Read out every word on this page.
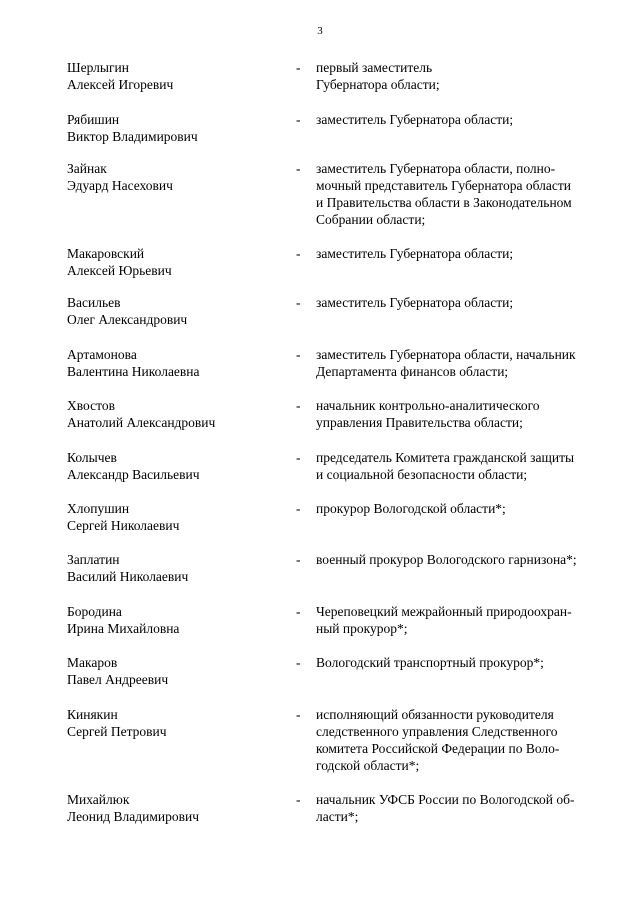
3
Шерлыгин
Алексей Игоревич
- первый заместитель
Губернатора области;
Рябишин
Виктор Владимирович
- заместитель Губернатора области;
Зайнак
Эдуард Насехович
- заместитель Губернатора области, полно-
мочный представитель Губернатора области
и Правительства области в Законодательном
Собрании области;
Макаровский
Алексей Юрьевич
- заместитель Губернатора области;
Васильев
Олег Александрович
- заместитель Губернатора области;
Артамонова
Валентина Николаевна
- заместитель Губернатора области, начальник
Департамента финансов области;
Хвостов
Анатолий Александрович
- начальник контрольно-аналитического
управления Правительства области;
Колычев
Александр Васильевич
- председатель Комитета гражданской защиты
и социальной безопасности области;
Хлопушин
Сергей Николаевич
- прокурор Вологодской области*;
Заплатин
Василий Николаевич
- военный прокурор Вологодского гарнизона*;
Бородина
Ирина Михайловна
- Череповецкий межрайонный природоохран-
ный прокурор*;
Макаров
Павел Андреевич
- Вологодский транспортный прокурор*;
Кинякин
Сергей Петрович
- исполняющий обязанности руководителя
следственного управления Следственного
комитета Российской Федерации по Воло-
годской области*;
Михайлюк
Леонид Владимирович
- начальник УФСБ России по Вологодской об-
ласти*;
